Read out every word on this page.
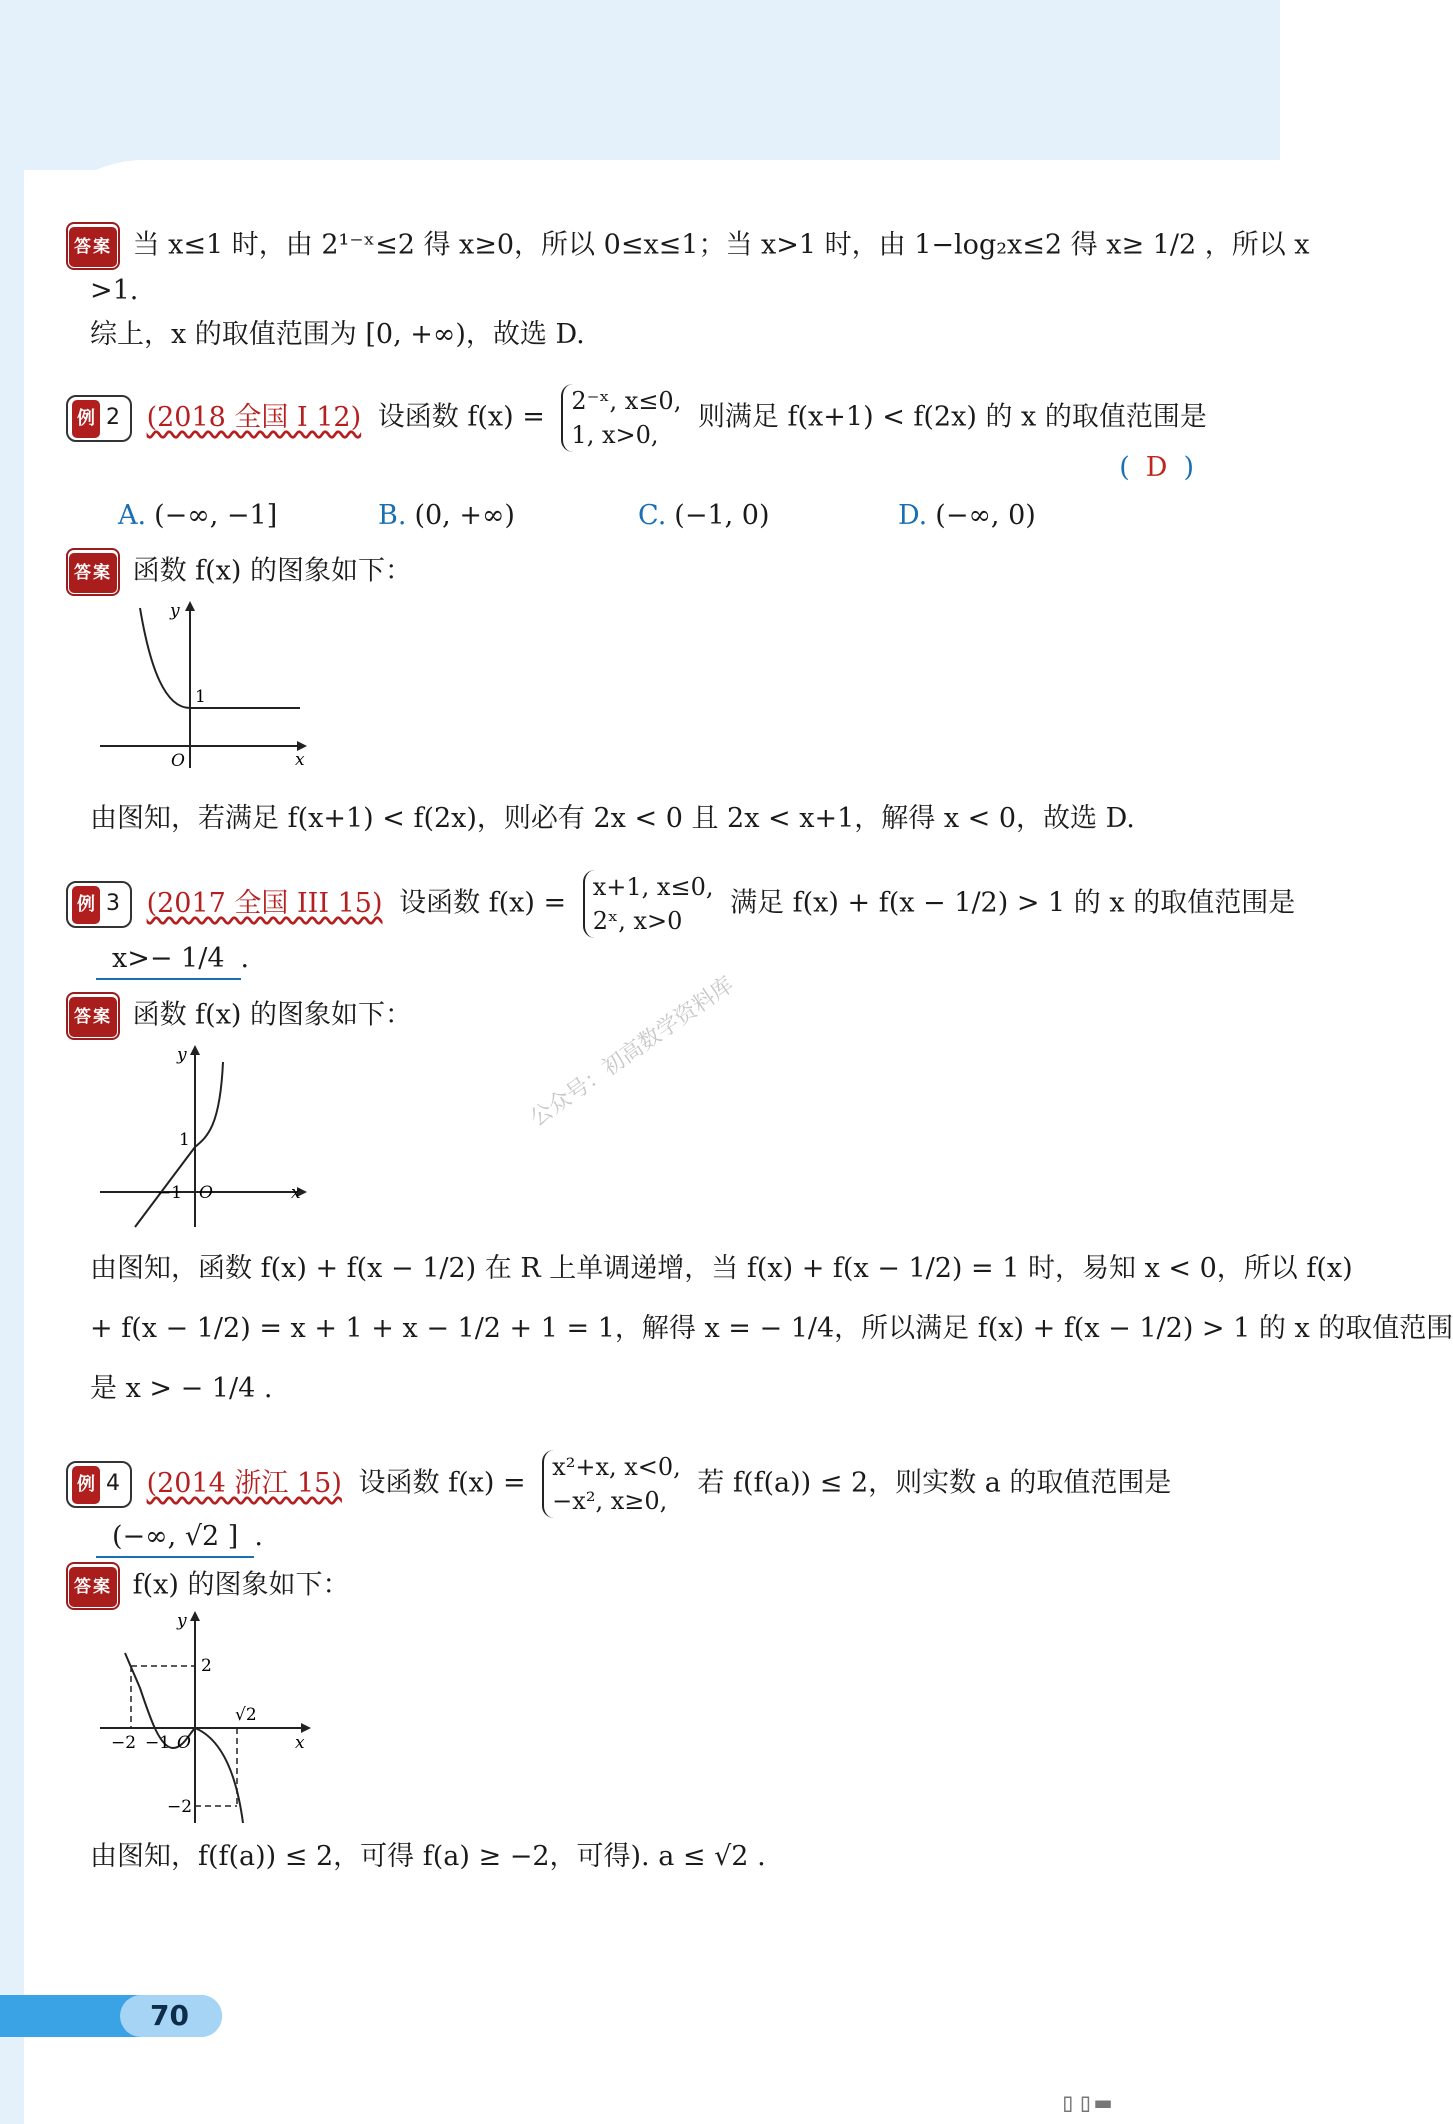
答案 当 x≤1 时，由 2¹⁻ˣ≤2 得 x≥0，所以 0≤x≤1；当 x>1 时，由 1−log₂x≤2 得 x≥ 1/2 ，所以 x
>1.
综上，x 的取值范围为 [0, +∞)，故选 D.
例 2 (2018 全国 I 12) 设函数 f(x) =
2⁻ˣ, x≤0,
1, x>0,
则满足 f(x+1) < f(2x) 的 x 的取值范围是
( D )
A. (−∞, −1]	B. (0, +∞)	C. (−1, 0)	D. (−∞, 0)
答案 函数 f(x) 的图象如下：
y
x
O
1
由图知，若满足 f(x+1) < f(2x)，则必有 2x < 0 且 2x < x+1，解得 x < 0，故选 D.
例 3 (2017 全国 III 15) 设函数 f(x) =
x+1, x≤0,
2ˣ, x>0
满足 f(x) + f(x − 1/2) > 1 的 x 的取值范围是
x>− 1/4 .
答案 函数 f(x) 的图象如下：
y
x
O
1
−1
由图知，函数 f(x) + f(x − 1/2) 在 R 上单调递增，当 f(x) + f(x − 1/2) = 1 时，易知 x < 0，所以 f(x)
+ f(x − 1/2) = x + 1 + x − 1/2 + 1 = 1，解得 x = − 1/4，所以满足 f(x) + f(x − 1/2) > 1 的 x 的取值范围
是 x > − 1/4 .
例 4 (2014 浙江 15) 设函数 f(x) =
x²+x, x<0,
−x², x≥0,
若 f(f(a)) ≤ 2，则实数 a 的取值范围是
(−∞, √2 ] .
答案 f(x) 的图象如下：
y
x
O
2
−2
−2 −1
√2
由图知，f(f(a)) ≤ 2，可得 f(a) ≥ −2，可得). a ≤ √2 .
公众号：初高数学资料库
70
▯▯▬
